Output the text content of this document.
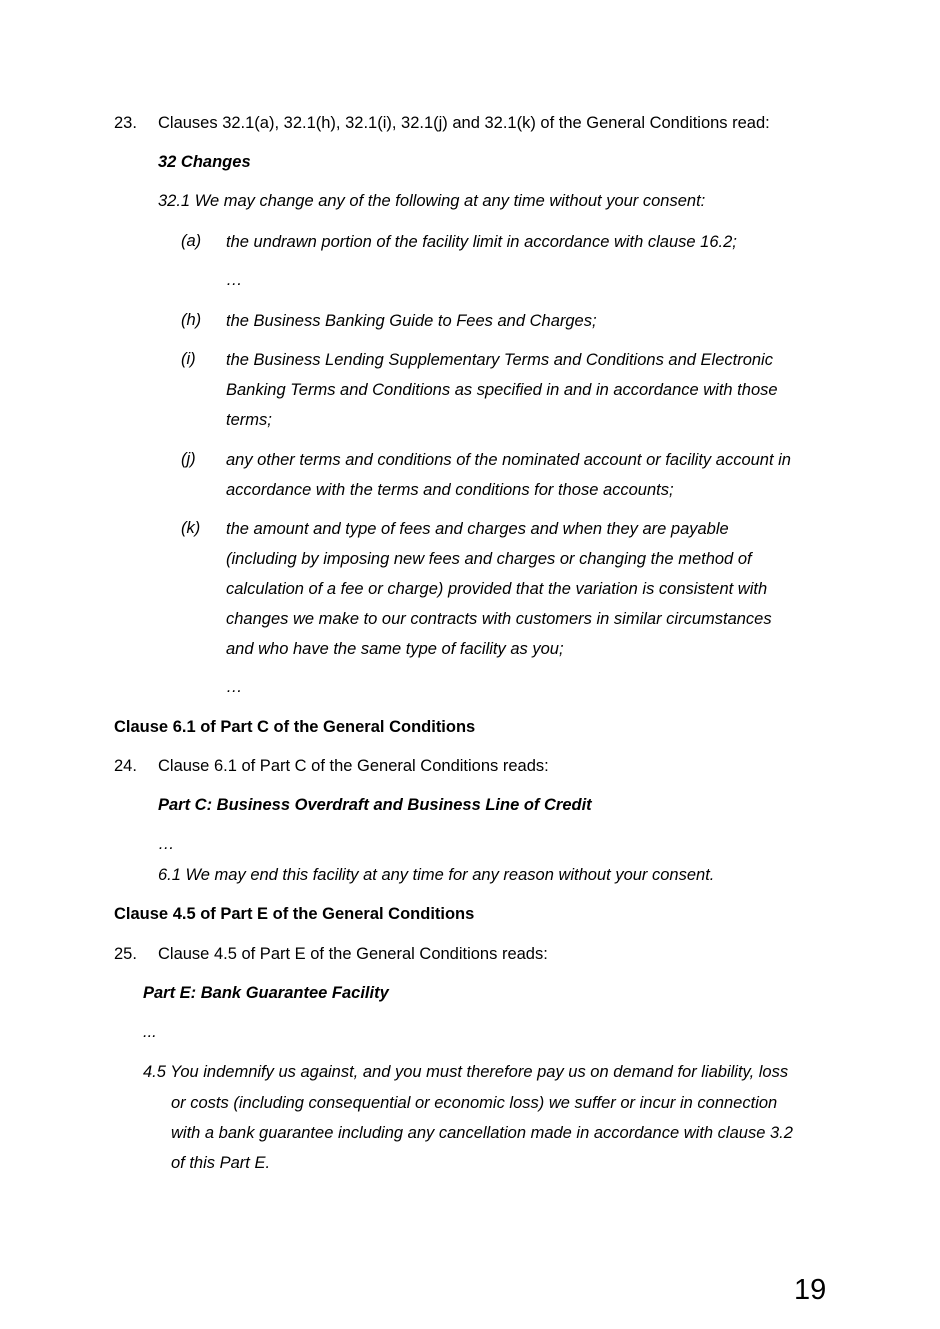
23. Clauses 32.1(a), 32.1(h), 32.1(i), 32.1(j) and 32.1(k) of the General Conditions read:
32 Changes
32.1 We may change any of the following at any time without your consent:
(a) the undrawn portion of the facility limit in accordance with clause 16.2;
…
(h) the Business Banking Guide to Fees and Charges;
(i) the Business Lending Supplementary Terms and Conditions and Electronic
Banking Terms and Conditions as specified in and in accordance with those
terms;
(j) any other terms and conditions of the nominated account or facility account in
accordance with the terms and conditions for those accounts;
(k) the amount and type of fees and charges and when they are payable
(including by imposing new fees and charges or changing the method of
calculation of a fee or charge) provided that the variation is consistent with
changes we make to our contracts with customers in similar circumstances
and who have the same type of facility as you;
…
Clause 6.1 of Part C of the General Conditions
24. Clause 6.1 of Part C of the General Conditions reads:
Part C: Business Overdraft and Business Line of Credit
…
6.1 We may end this facility at any time for any reason without your consent.
Clause 4.5 of Part E of the General Conditions
25. Clause 4.5 of Part E of the General Conditions reads:
Part E: Bank Guarantee Facility
...
4.5 You indemnify us against, and you must therefore pay us on demand for liability, loss
or costs (including consequential or economic loss) we suffer or incur in connection
with a bank guarantee including any cancellation made in accordance with clause 3.2
of this Part E.
19
